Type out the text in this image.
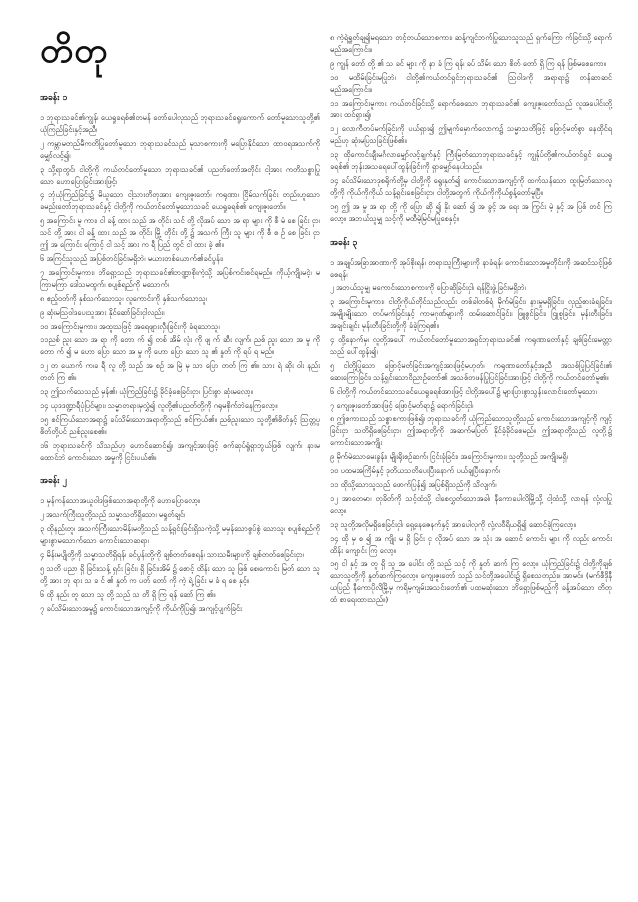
တိတု
အခန်း ၁
၁ ဘုရားသခင်၏ကျွန်၊ ယေရှုခရစ်၏တမန် တော်ပေါလုသည် ဘုရားသခင်ရွေးကောက် တော်မူသောသူတို့၏ ယုံကြည်ခြင်းနှင့်အညီ၊
၂ ကမ္ဘာမတည်မီကတိပြုတော်မူသော ဘုရားသခင်သည် မုသာစကားကို မပြောနိုင်သော ထာဝရအသက်ကို မျှော်လင့်၍၊
၃ သို့ရာတွင်၊ ငါတို့ကို ကယ်တင်တော်မူသော ဘုရားသခင်၏ ပညတ်တော်အတိုင်း ငါ့အား ကတိသစ္စာပြုသော ဟောပြောခြင်းအားဖြင့်၊
၄ ဘုံယုံကြည်ခြင်း၌ မိယူသော ငါ့သားတိတုအား ကျေးဇူးတော်၊ ကရုဏာ၊ ငြိမ်သက်ခြင်း တည်းဟူသော ခမည်းတော်ဘုရားသခင်နှင့် ငါတို့ကို ကယ်တင်တော်မူသောသခင် ယေရှုခရစ်၏ ကျေးဇူးတော်။
၅ အကြောင်း မူ ကား၊ ငါ ခန့် ထား သည် အ တိုင်း သင် တို့ လိုအပ် သော အ ရာ များ ကို စီ မံ စေ ခြင်း ငှာ၊ သင် တို့ အား ငါ ခန့် ထား သည် အ တိုင်း မြို့ တိုင်း တို့ ၌ အသက် ကြီး သူ များ ကို စီ စ ဉ် စေ ခြင်း ငှာ ဤ အ ကြောင်း ကြောင့် ငါ သင့် အား က ရီ ပြည် တွင် ငါ ထား ခဲ့ ၏။
၆ အကြင်သူသည် အပြစ်တင်ခြင်းမရှိဘဲ၊ မယားတစ်ယောက်၏ခင်ပွန်း၊
၇ အကြောင်းမူကား၊ ဘိရှော့သည် ဘုရားသခင်၏ဘဏ္ဍာစိုးကဲ့သို့ အပြစ်ကင်းစင်ရမည်။ ကိုယ့်ကျိုးမငဲ့၊ မကြာမကြာ ဒေါသမထွက်၊ စပျစ်ရည်ကို မသောက်၊
၈ ဧည့်ဝတ်ကို နှစ်သက်သောသူ၊ လူကောင်းကို နှစ်သက်သောသူ၊
၉ ဆုံးမသြဝါဒပေးသူအား နိုင်ဆော်ခြင်းငှါလည်း၊
၁၀ အကြောင်းမူကား၊ အထူးသဖြင့် အရေဖျားလှီးခြင်းကို ခံရသောသူ၊
၁၁ညစ် ညူး သော အ ရာ ကို တော က် ၍ တစ် အိမ် လုံး ကို ဖျ က် ဆီး လျက်၊ ညစ် ညူး သော အ မှု ကို တော က် ၍ မ ဟော ပြော သော အ မှု ကို ဟော ပြော သော သူ ၏ နှုတ် ကို ရပ် ရ မည်။
၁၂ တ ယောက် က၊ခ ရီ လူ တို့ သည် အ စဉ် အ မြဲ မု သာ ပြော တတ် ကြ ၏။ သား ရဲ ဆိုး ဝါး နည်း တတ် ကြ ၏။
၁၃ ဤသက်သေသည် မှန်၏၊ ယုံကြည်ခြင်း၌ ခိုင်ခံ့စေခြင်းငှာ၊ ပြင်းစွာ ဆုံးမလော့။
၁၄ ယုဒဒဏ္ဍာရီပုံပြင်များ၊ သမ္မာတရားမှလွှဲ၍ လူတို့၏ပညတ်တို့ကို ဂရုမစိုက်ဘဲနေကြလော့။
၁၅ စင်ကြယ်သောအရာ၌ ခပ်သိမ်းသောအရာတို့သည် စင်ကြယ်၏။ ညစ်ညူးသော သူတို့၏စိတ်နှင့် သြတ္တပ္ပစိတ်တို့ပင် ညစ်ညူးစေ၏။
၁၆ ဘုရားသခင်ကို သိသည်ဟု ဟောင်ဆောင်၍၊ အကျင့်အားဖြင့် စက်ဆုပ်ရွံရှာဘွယ်ဖြစ် လျက်၊ နားမထောင်ဘဲ ကောင်းသော အမှုကို ငြင်းပယ်၏။
အခန်း ၂
၁ မှန်ကန်သောအယူဝါဒဖြစ်သောအရာတို့ကို ဟောပြောလော့။
၂ အသက်ကြီးသူတို့သည် သမ္မာသတိရှိသော၊ မရှုတ်ချင်၊
၃ ထိုနည်းတူ၊ အသက်ကြီးသောမိန်းမတို့သည် သန့်ရှင်းခြင်းရှိသကဲ့သို့ မမှန်သောစွပ်စွဲ သောသူ၊ စပျစ်ရည်ကို များစွာမသောက်သော ကောင်းသောဆရာ၊
၄ မိန်းမပျိုတို့ကို သမ္မာသတိရှိရန်၊ ခင်ပွန်းတို့ကို ချစ်တတ်စေရန်၊ သားသမီးများကို ချစ်တတ်စေခြင်းငှာ၊
၅ သတိ ပညာ ရှိ ခြင်း၊သန့် ရှင်း ခြင်း၊ ရှိ ခြင်း၊အိမ် ၌ စောင့် ထိန်း သော သူ ဖြစ် စေ၊ကောင်း မြတ် သော သူ တို့ အား ဘု ရား သ ခ င် ၏ နှုတ် က ပတ် တော် ကို ကဲ့ ရဲ့ ခြင်း မ ခံ ရ စေ နှင့်။
၆ ထို နည်း တူ သော သူ တို့ သည် သ တိ ရှိ ကြ ရန် ဆော် ကြ ၏။
၇ ခပ်သိမ်းသောအမှု၌ ကောင်းသောအကျင့်ကို ကိုယ်ကိုပြ၍၊ အကျင့်ပျက်ခြင်း
၈ ကဲ့ရဲ့ရှုတ်ချ၍မရသော တင့်တယ်သောစကား၊ ဆန့်ကျင်ဘက်ပြုသောသူသည် ရှက်ကြော က်ခြင်းသို့ ရောက်မည်အကြောင်း။
၉ ကျွန် တော် တို့ ၏ သ ခင် များ ကို နာ ခံ ကြ ရန်၊ ခပ် သိမ်း သော စိတ် တော် ရှိ ကြ ရန် ဖြစ်မစေကော။
၁၀ မထိမ်းခြင်းမပြုဘဲ၊ ငါတို့၏ကယ်တင်ရှင်ဘုရားသခင်၏ သြဝါဒကို အရာရာ၌ တန်ဆာဆင်မည်အကြောင်း။
၁၁ အကြောင်းမူကား ကယ်တင်ခြင်းသို့ ရောက်စေသော ဘုရားသခင်၏ ကျေးဇူးတော်သည် လူအပေါင်းတို့အား ထင်ရှား၍၊
၁၂ လောကီတပ်မက်ခြင်းကို ပယ်ရှား၍ ဤမျက်မှောက်လောက၌ သမ္မာသတိဖြင့် ဖြောင့်မတ်စွာ နေထိုင်ရမည်ဟု ဆုံးမပြသခြင်းဖြစ်၏။
၁၃ ထိုကောင်းချီးမင်္ဂလာမျှော်လင့်ချက်နှင့် ကြီးမြတ်သောဘုရားသခင်နှင့် ကျွန်ုပ်တို့၏ကယ်တင်ရှင် ယေရှုခရစ်၏ ဘုန်းအသရေပေါ်ထွန်းခြင်းကို ရှာမျှော်နေပါသည်။
၁၄ ခပ်သိမ်းသောဒုစရိုက်တို့မှ ငါတို့ကို ရွေးနုတ်၍ ကောင်းသောအကျင့်ကို ထက်သန်သော ထူးမြတ်သောလူတို့ကို ကိုယ်ကိုကိုယ် သန့်ရှင်းစေခြင်းငှာ၊ ငါတို့အတွက် ကိုယ်ကိုကိုယ်စွန့်တော်မူပြီ။
၁၅ ဤ အ မှု အ ရာ တို့ ကို ပြော ဆို ၍ နိုး ဆော် ၍ အ ခွင့် အ ရေး အ ကြွင်း မဲ့ နှင့် အ ပြစ် တင် ကြ လော့။ အဘယ်သူမျှ သင့်ကို မထီမဲ့မြင်မပြုစေနှင့်။
အခန်း ၃
၁ အချုပ်အခြာအာဏာကို အုပ်စိုးရန်၊ တရားသူကြီးများကို နာခံရန်၊ ကောင်းသောအမှုတိုင်းကို အဆင်သင့်ဖြစ်စေရန်၊
၂ အဘယ်သူမျှ မကောင်းသောစကားကို ပြောဆိုခြင်းငှါ၊ ရန်ငြိုးဖွဲ့ခြင်းမရှိဘဲ၊
၃ အကြောင်းမူကား၊ ငါတို့ကိုယ်တိုင်သည်လည်း တစ်ခါတစ်ရံ မိုက်မဲခြင်း၊ နားမှုမရှိခြင်း၊ လှည့်စားခံရခြင်း၊ အမျိုးမျိုးသော တပ်မက်ခြင်းနှင့် ကာမဂုဏ်များကို ထမ်းဆောင်ခြင်း၊ ဖြူစွင်ခြင်း၊ ငြူစူခြင်း၊ မုန်းတီးခြင်း၊ အချင်းချင်း မုန်းတီးခြင်းတို့ကို ခံခဲ့ကြရ၏။
၄ ထို့နောက်မှ၊ လူတို့အပေါ် ကယ်တင်တော်မူသောအရှင်ဘုရားသခင်၏ ကရုဏာတော်နှင့် ချစ်ခြင်းမေတ္တာသည် ပေါ်ထွန်း၍၊
၅ ငါတို့ပြုသော ဖြောင့်မတ်ခြင်းအကျင့်အားဖြင့်မဟုတ်၊ ကရုဏာတော်နှင့်အညီ အသစ်ပြုပြင်ခြင်း၏ ဆေးကြောခြင်း၊ သန့်ရှင်းသောဝိညာဉ်တော်၏ အသစ်တဖန်ပြုပြင်ခြင်းအားဖြင့် ငါတို့ကို ကယ်တင်တော်မူ၏။
၆ ငါတို့ကို ကယ်တင်သောသခင်ယေရှုခရစ်အားဖြင့် ငါတို့အပေါ်၌ များပြားစွာသွန်းလောင်းတော်မူသော၊
၇ ကျေးဇူးတော်အားဖြင့် ဖြောင့်မတ်ရာ၌ ရောက်ခြင်းငှါ၊
၈ ဤစကားသည် သစ္စာစကားဖြစ်၍၊ ဘုရားသခင်ကို ယုံကြည်သောသူတို့သည် ကောင်းသောအကျင့်ကို ကျင့်ခြင်းငှာ သတိရှိစေခြင်းငှာ၊ ဤအရာတို့ကို အဆက်မပြတ် နိုင်ခံ့ခိုင်စေမည်။ ဤအရာတို့သည် လူတို့၌ ကောင်းသောအကျိုး
၉ မိုက်မဲသောမေးခွန်း၊ မျိုးရိုးစဉ်ဆက်၊ ငြင်းခုံခြင်း၊ အကြောင်းမူကား၊ သူတို့သည် အကျိုးမရှိ၊
၁၀ ပထမအကြိမ်နှင့် ဒုတိယသတိပေးပြီးနောက် ပယ်ချပြီးနောက်၊
၁၁ ထိုသို့သောသူသည် ဖောက်ပြန်၍ အပြစ်ရှိသည်ကို သိလျက်၊
၁၂ အာတေမာ၊ တုခိတ်ကို သင့်ထံသို့ ငါစေလွှတ်သောအခါ၊ နီကောပေါလိမြို့သို့ ငါ့ထံသို့ လာရန် လုံ့လပြုလော့။
၁၃ သူတို့အလိုမရှိစေခြင်းငှါ၊ ရှေ့နေဇေနက်နှင့် အာပေါလုကို လုံ့လဝီရိယရှိ၍ ဆောင်ခဲ့ကြလော့။
၁၄ ထို မှ စ ၍ အ ကျိုး မ ရှိ ခြင်း ငှ လိုအပ် သော အ သုံး အ ဆောင် ကောင်း များ ကို လည်း ကောင်း ထိန်း ကျောင်း ကြ လော့။
၁၅ ငါ နှင့် အ တူ ရှိ သူ အ ပေါင်း တို့ သည် သင့် ကို နှုတ် ဆက် ကြ လော့။ ယုံကြည်ခြင်း၌ ငါတို့ကိုချစ်သောသူတို့ကို နှုတ်ဆက်ကြလော့။ ကျေးဇူးတော် သည် သင်တို့အပေါင်း၌ ရှိစေသတည်း။ အာမင်။ (မက်စီဒိုနီယပြည် နီကောပိုလိမြို့မှ ကရိမ့ကျမ်းအသင်းတော်၏ ပထမဆုံးသော ဘိရှော့ဖြစ်မည့်ကို ခန့်အပ်သော တိတုထံ စာရေးထားသည်။)
